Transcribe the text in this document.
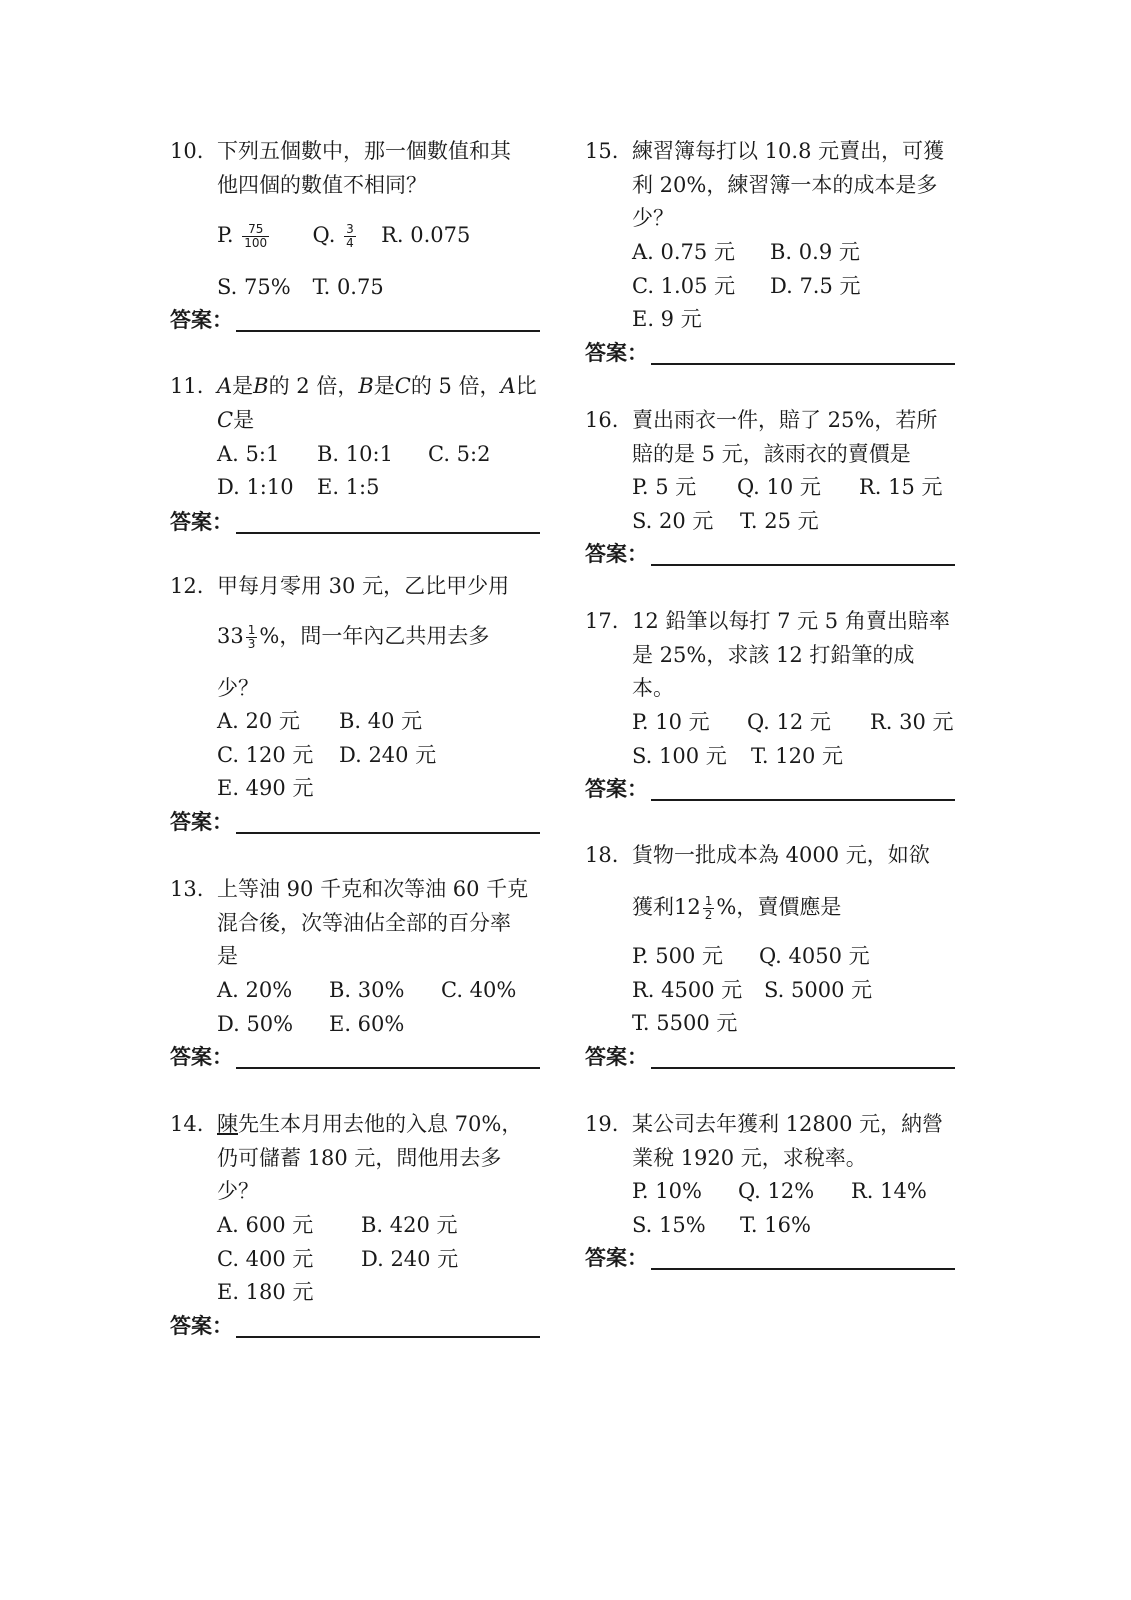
10. 下列五個數中，那一個數值和其
他四個的數值不相同？
P. $\frac{75}{100} Q$. $\frac{3}{4} R$. 0.075
S. 75% T. 0.75
答案：
11. A是B的 2 倍，B是C的 5 倍，A比
C是
A. 5:1 B. 10:1 C. 5:2
D. 1:10 E. 1:5
答案：
12. 甲每月零用 30 元，乙比甲少用
$33 \frac{1}{3}$ %，問一年內乙共用去多
少？
A. 20 元 B. 40 元
C. 120 元 D. 240 元
E. 490 元
答案：
13. 上等油 90 千克和次等油 60 千克
混合後，次等油佔全部的百分率
是
A. 20% B. 30% C. 40%
D. 50% E. 60%
答案：
14. 陳先生本月用去他的入息 70%，
仍可儲蓄 180 元，問他用去多
少？
A. 600 元 B. 420 元
C. 400 元 D. 240 元
E. 180 元
答案：
15. 練習簿每打以 10.8 元賣出，可獲
利 20%，練習簿一本的成本是多
少？
A. 0.75 元 B. 0.9 元
C. 1.05 元 D. 7.5 元
E. 9 元
答案：
16. 賣出雨衣一件，賠了 25%，若所
賠的是 5 元，該雨衣的賣價是
P. 5 元 Q. 10 元 R. 15 元
S. 20 元 T. 25 元
答案：
17. 12 鉛筆以每打 7 元 5 角賣出賠率
是 25%，求該 12 打鉛筆的成
本。
P. 10 元 Q. 12 元 R. 30 元
S. 100 元 T. 120 元
答案：
18. 貨物一批成本為 4000 元，如欲
獲利$12 \frac{1}{2}$ %，賣價應是
P. 500 元 Q. 4050 元
R. 4500 元 S. 5000 元
T. 5500 元
答案：
19. 某公司去年獲利 12800 元，納營
業稅 1920 元，求稅率。
P. 10% Q. 12% R. 14%
S. 15% T. 16%
答案：
